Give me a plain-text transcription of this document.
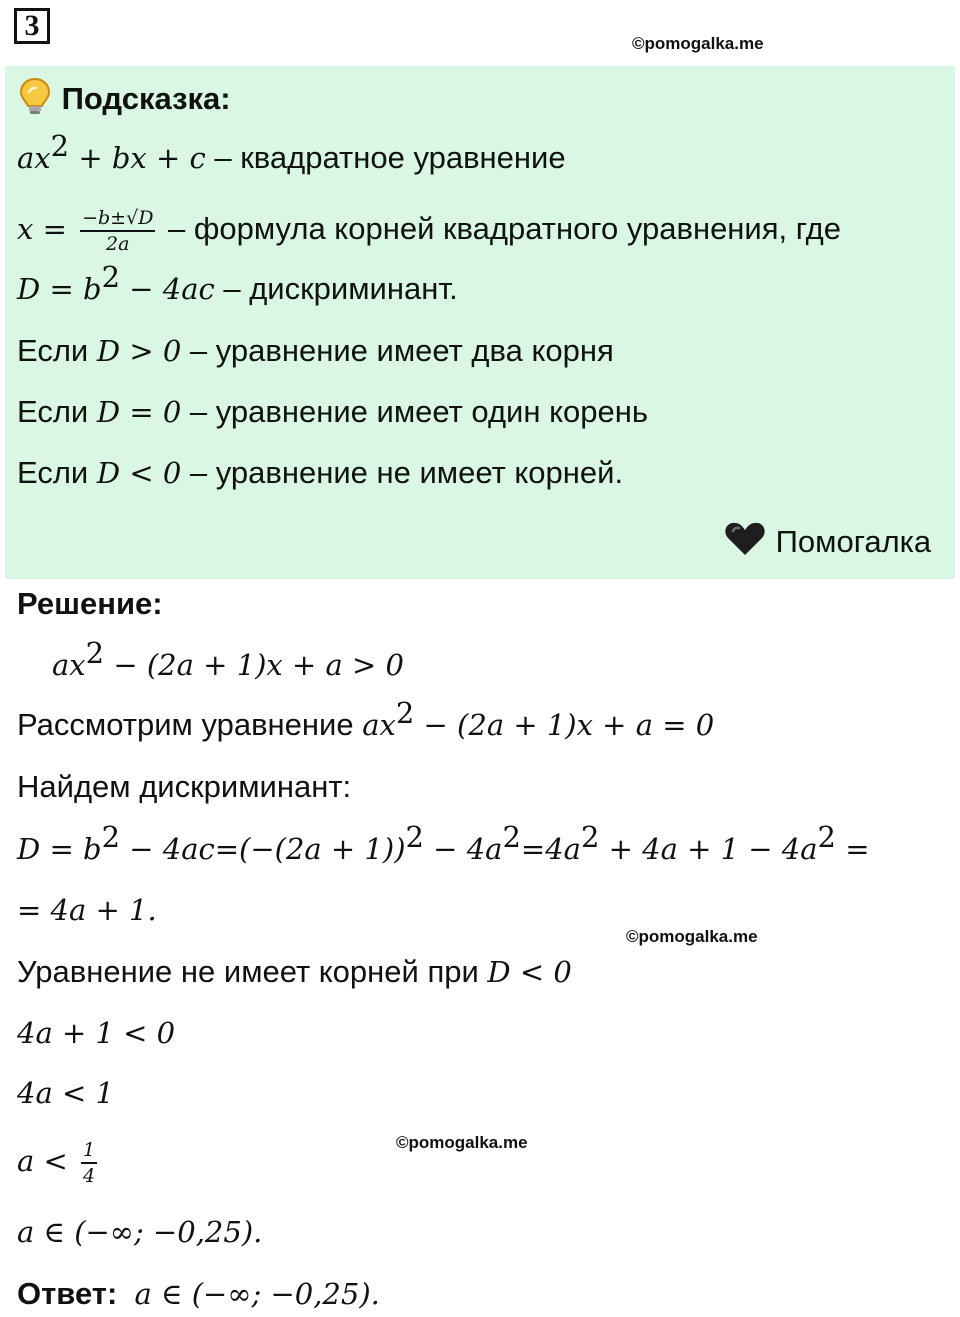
3
©pomogalka.me
Подсказка:
$ax^2$ + bx + c – квадратное уравнение
$x = \frac{-b\pm√D}{2a}$ – формула корней квадратного уравнения, где
$D = b^2 - 4ac$ – дискриминант.
Если D > 0 – уравнение имеет два корня
Если D = 0 – уравнение имеет один корень
Если D < 0 – уравнение не имеет корней.
Помогалка
Решение:
$ax^2 - (2a + 1)x + a > 0$
Рассмотрим уравнение $ax^2 - (2a + 1)x + a = 0$
Найдем дискриминант:
$D = b^2 - 4ac=(-(2a + 1))^2 - 4a^2=4a^2 + 4a + 1 - 4a^2$ =
= 4a + 1.
©pomogalka.me
Уравнение не имеет корней при D < 0
4a + 1 < 0
4a < 1
©pomogalka.me
$a < \frac{1}{4}$
a ∈ (−∞; −0,25).
Ответ: a ∈ (−∞; −0,25).
